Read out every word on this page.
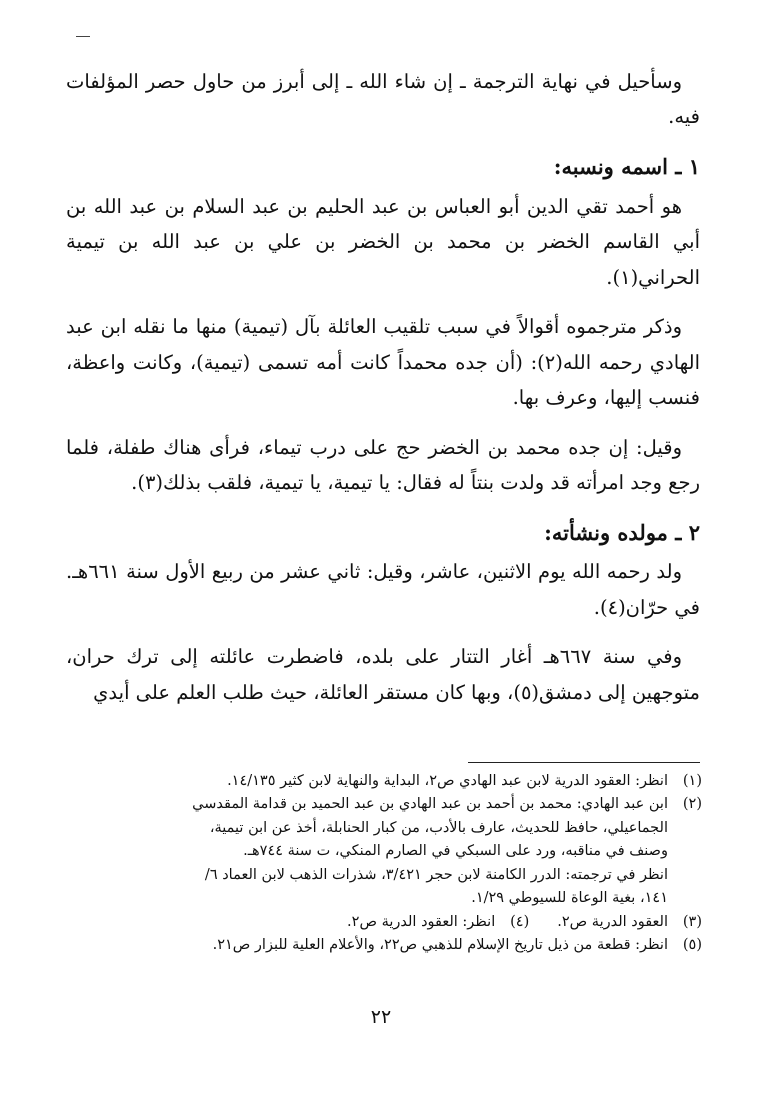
وسأحيل في نهاية الترجمة ـ إن شاء الله ـ إلى أبرز من حاول حصر المؤلفات فيه.

١ ـ اسمه ونسبه:

هو أحمد تقي الدين أبو العباس بن عبد الحليم بن عبد السلام بن عبد الله بن أبي القاسم الخضر بن محمد بن الخضر بن علي بن عبد الله بن تيمية الحراني(١).

وذكر مترجموه أقوالاً في سبب تلقيب العائلة بآل (تيمية) منها ما نقله ابن عبد الهادي رحمه الله(٢): (أن جده محمداً كانت أمه تسمى (تيمية)، وكانت واعظة، فنسب إليها، وعرف بها.

وقيل: إن جده محمد بن الخضر حج على درب تيماء، فرأى هناك طفلة، فلما رجع وجد امرأته قد ولدت بنتاً له فقال: يا تيمية، يا تيمية، فلقب بذلك(٣).

٢ ـ مولده ونشأته:

ولد رحمه الله يوم الاثنين، عاشر، وقيل: ثاني عشر من ربيع الأول سنة ٦٦١هـ. في حرّان(٤).

وفي سنة ٦٦٧هـ أغار التتار على بلده، فاضطرت عائلته إلى ترك حران، متوجهين إلى دمشق(٥)، وبها كان مستقر العائلة، حيث طلب العلم على أيدي

(١)
انظر: العقود الدرية لابن عبد الهادي ص٢، البداية والنهاية لابن كثير ١٤/١٣٥.
(٢)
ابن عبد الهادي: محمد بن أحمد بن عبد الهادي بن عبد الحميد بن قدامة المقدسي
الجماعيلي، حافظ للحديث، عارف بالأدب، من كبار الحنابلة، أخذ عن ابن تيمية،
وصنف في مناقبه، ورد على السبكي في الصارم المنكي، ت سنة ٧٤٤هـ.
انظر في ترجمته: الدرر الكامنة لابن حجر ٣/٤٢١، شذرات الذهب لابن العماد ٦/
١٤١، بغية الوعاة للسيوطي ١/٢٩.
(٣)
العقود الدرية ص٢.
(٤)
انظر: العقود الدرية ص٢.
(٥)
انظر: قطعة من ذيل تاريخ الإسلام للذهبي ص٢٢، والأعلام العلية للبزار ص٢١.
٢٢
